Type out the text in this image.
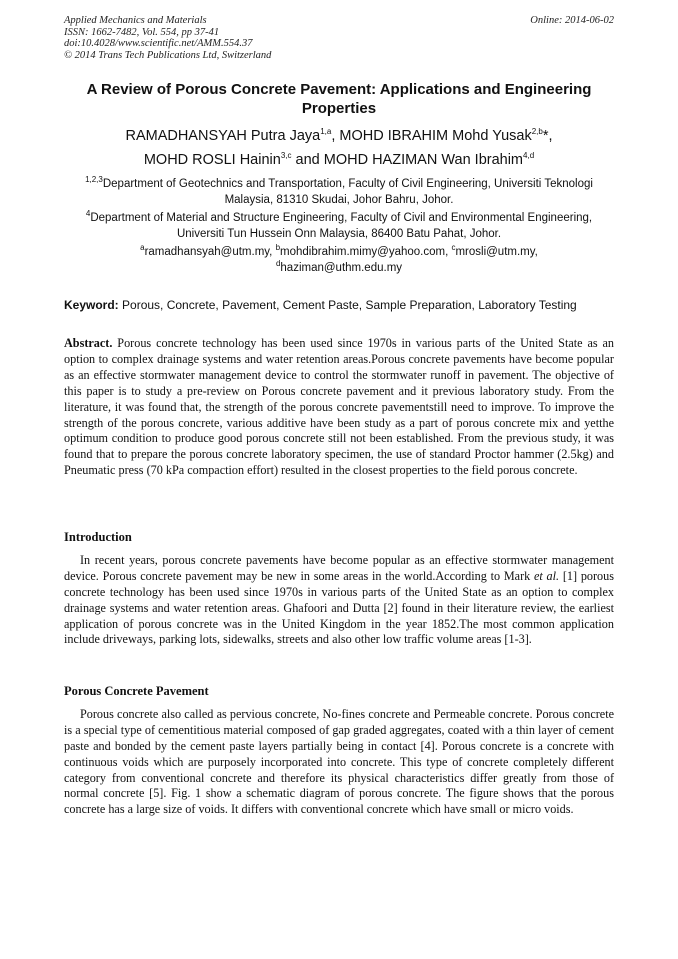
Applied Mechanics and Materials
ISSN: 1662-7482, Vol. 554, pp 37-41
doi:10.4028/www.scientific.net/AMM.554.37
© 2014 Trans Tech Publications Ltd, Switzerland
Online: 2014-06-02
A Review of Porous Concrete Pavement: Applications and Engineering Properties
RAMADHANSYAH Putra Jaya$^{1,a}$, MOHD IBRAHIM Mohd Yusak$^{2,b}$*,
MOHD ROSLI Hainin$^{3,c}$ and MOHD HAZIMAN Wan Ibrahim$^{4,d}$
$^{1,2,3}$Department of Geotechnics and Transportation, Faculty of Civil Engineering, Universiti Teknologi Malaysia, 81310 Skudai, Johor Bahru, Johor.
$^4$Department of Material and Structure Engineering, Faculty of Civil and Environmental Engineering, Universiti Tun Hussein Onn Malaysia, 86400 Batu Pahat, Johor.
$^a$ramadhansyah@utm.my, $^b$mohdibrahim.mimy@yahoo.com, $^c$mrosli@utm.my,
$^d$haziman@uthm.edu.my
Keyword: Porous, Concrete, Pavement, Cement Paste, Sample Preparation, Laboratory Testing

Abstract. Porous concrete technology has been used since 1970s in various parts of the United State as an option to complex drainage systems and water retention areas.Porous concrete pavements have become popular as an effective stormwater management device to control the stormwater runoff in pavement. The objective of this paper is to study a pre-review on Porous concrete pavement and it previous laboratory study. From the literature, it was found that, the strength of the porous concrete pavementstill need to improve. To improve the strength of the porous concrete, various additive have been study as a part of porous concrete mix and yetthe optimum condition to produce good porous concrete still not been established. From the previous study, it was found that to prepare the porous concrete laboratory specimen, the use of standard Proctor hammer (2.5kg) and Pneumatic press (70 kPa compaction effort) resulted in the closest properties to the field porous concrete.

Introduction

In recent years, porous concrete pavements have become popular as an effective stormwater management device. Porous concrete pavement may be new in some areas in the world.According to Mark et al. [1] porous concrete technology has been used since 1970s in various parts of the United State as an option to complex drainage systems and water retention areas. Ghafoori and Dutta [2] found in their literature review, the earliest application of porous concrete was in the United Kingdom in the year 1852.The most common application include driveways, parking lots, sidewalks, streets and also other low traffic volume areas [1-3].

Porous Concrete Pavement

Porous concrete also called as pervious concrete, No-fines concrete and Permeable concrete. Porous concrete is a special type of cementitious material composed of gap graded aggregates, coated with a thin layer of cement paste and bonded by the cement paste layers partially being in contact [4]. Porous concrete is a concrete with continuous voids which are purposely incorporated into concrete. This type of concrete completely different category from conventional concrete and therefore its physical characteristics differ greatly from those of normal concrete [5]. Fig. 1 show a schematic diagram of porous concrete. The figure shows that the porous concrete has a large size of voids. It differs with conventional concrete which have small or micro voids.
